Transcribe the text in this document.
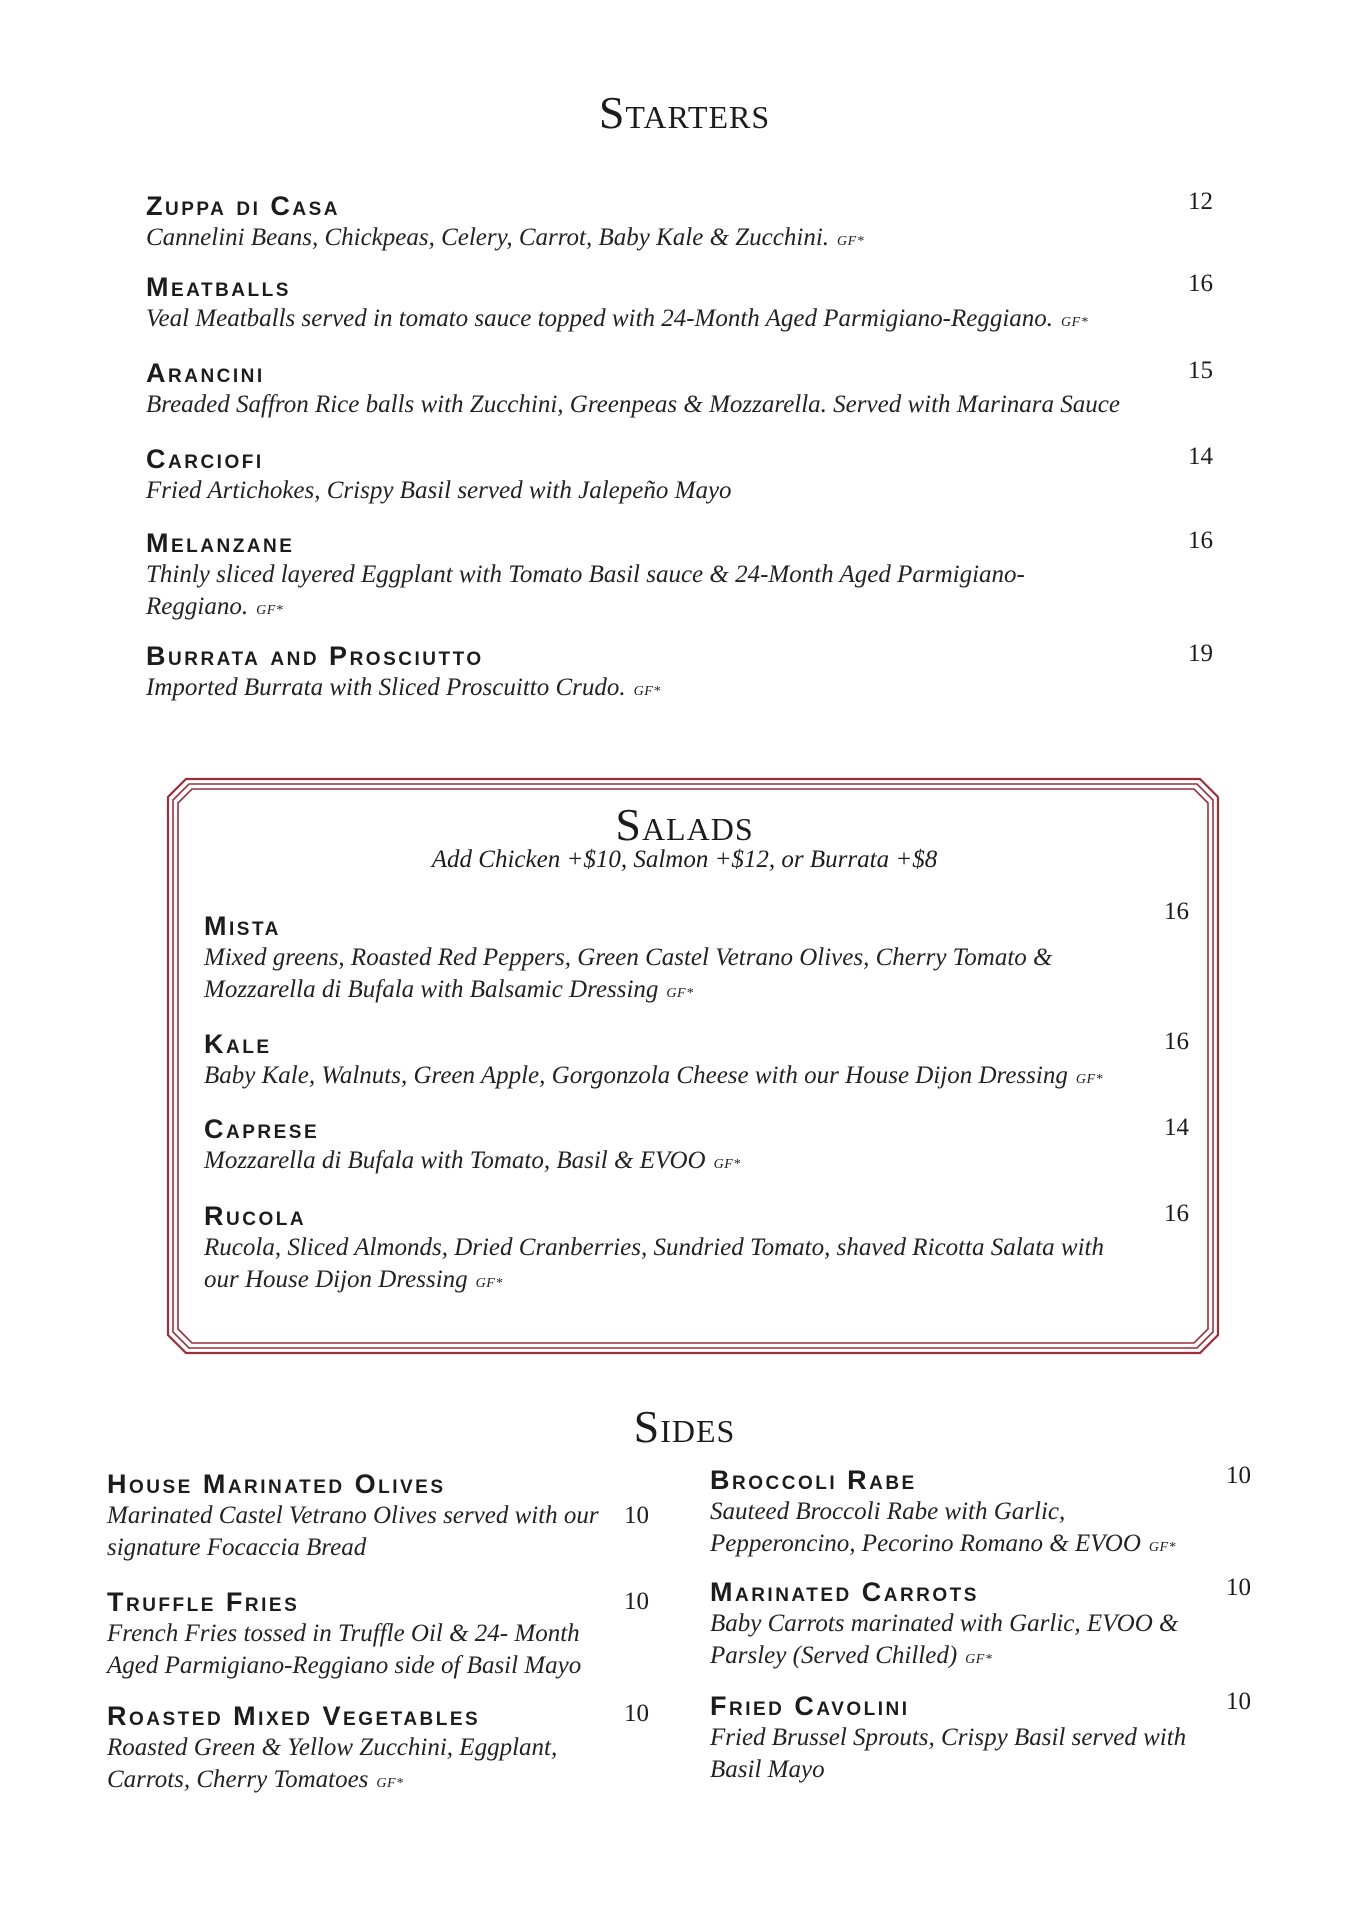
Starters
Zuppa di Casa
Cannelini Beans, Chickpeas, Celery, Carrot, Baby Kale & Zucchini. GF*
12
Meatballs
Veal Meatballs served in tomato sauce topped with 24-Month Aged Parmigiano-Reggiano. GF*
16
Arancini
Breaded Saffron Rice balls with Zucchini, Greenpeas & Mozzarella. Served with Marinara Sauce
15
Carciofi
Fried Artichokes, Crispy Basil served with Jalepeño Mayo
14
Melanzane
Thinly sliced layered Eggplant with Tomato Basil sauce & 24-Month Aged Parmigiano-Reggiano. GF*
16
Burrata and Prosciutto
Imported Burrata with Sliced Proscuitto Crudo. GF*
19
Salads
Add Chicken +$10, Salmon +$12, or Burrata +$8
Mista
Mixed greens, Roasted Red Peppers, Green Castel Vetrano Olives, Cherry Tomato & Mozzarella di Bufala with Balsamic Dressing GF*
16
Kale
Baby Kale, Walnuts, Green Apple, Gorgonzola Cheese with our House Dijon Dressing GF*
16
Caprese
Mozzarella di Bufala with Tomato, Basil & EVOO GF*
14
Rucola
Rucola, Sliced Almonds, Dried Cranberries, Sundried Tomato, shaved Ricotta Salata with our House Dijon Dressing GF*
16
Sides
House Marinated Olives
Marinated Castel Vetrano Olives served with our signature Focaccia Bread
10
Truffle Fries
French Fries tossed in Truffle Oil & 24- Month Aged Parmigiano-Reggiano side of Basil Mayo
10
Roasted Mixed Vegetables
Roasted Green & Yellow Zucchini, Eggplant, Carrots, Cherry Tomatoes GF*
10
Broccoli Rabe
Sauteed Broccoli Rabe with Garlic, Pepperoncino, Pecorino Romano & EVOO GF*
10
Marinated Carrots
Baby Carrots marinated with Garlic, EVOO & Parsley (Served Chilled) GF*
10
Fried Cavolini
Fried Brussel Sprouts, Crispy Basil served with Basil Mayo
10
